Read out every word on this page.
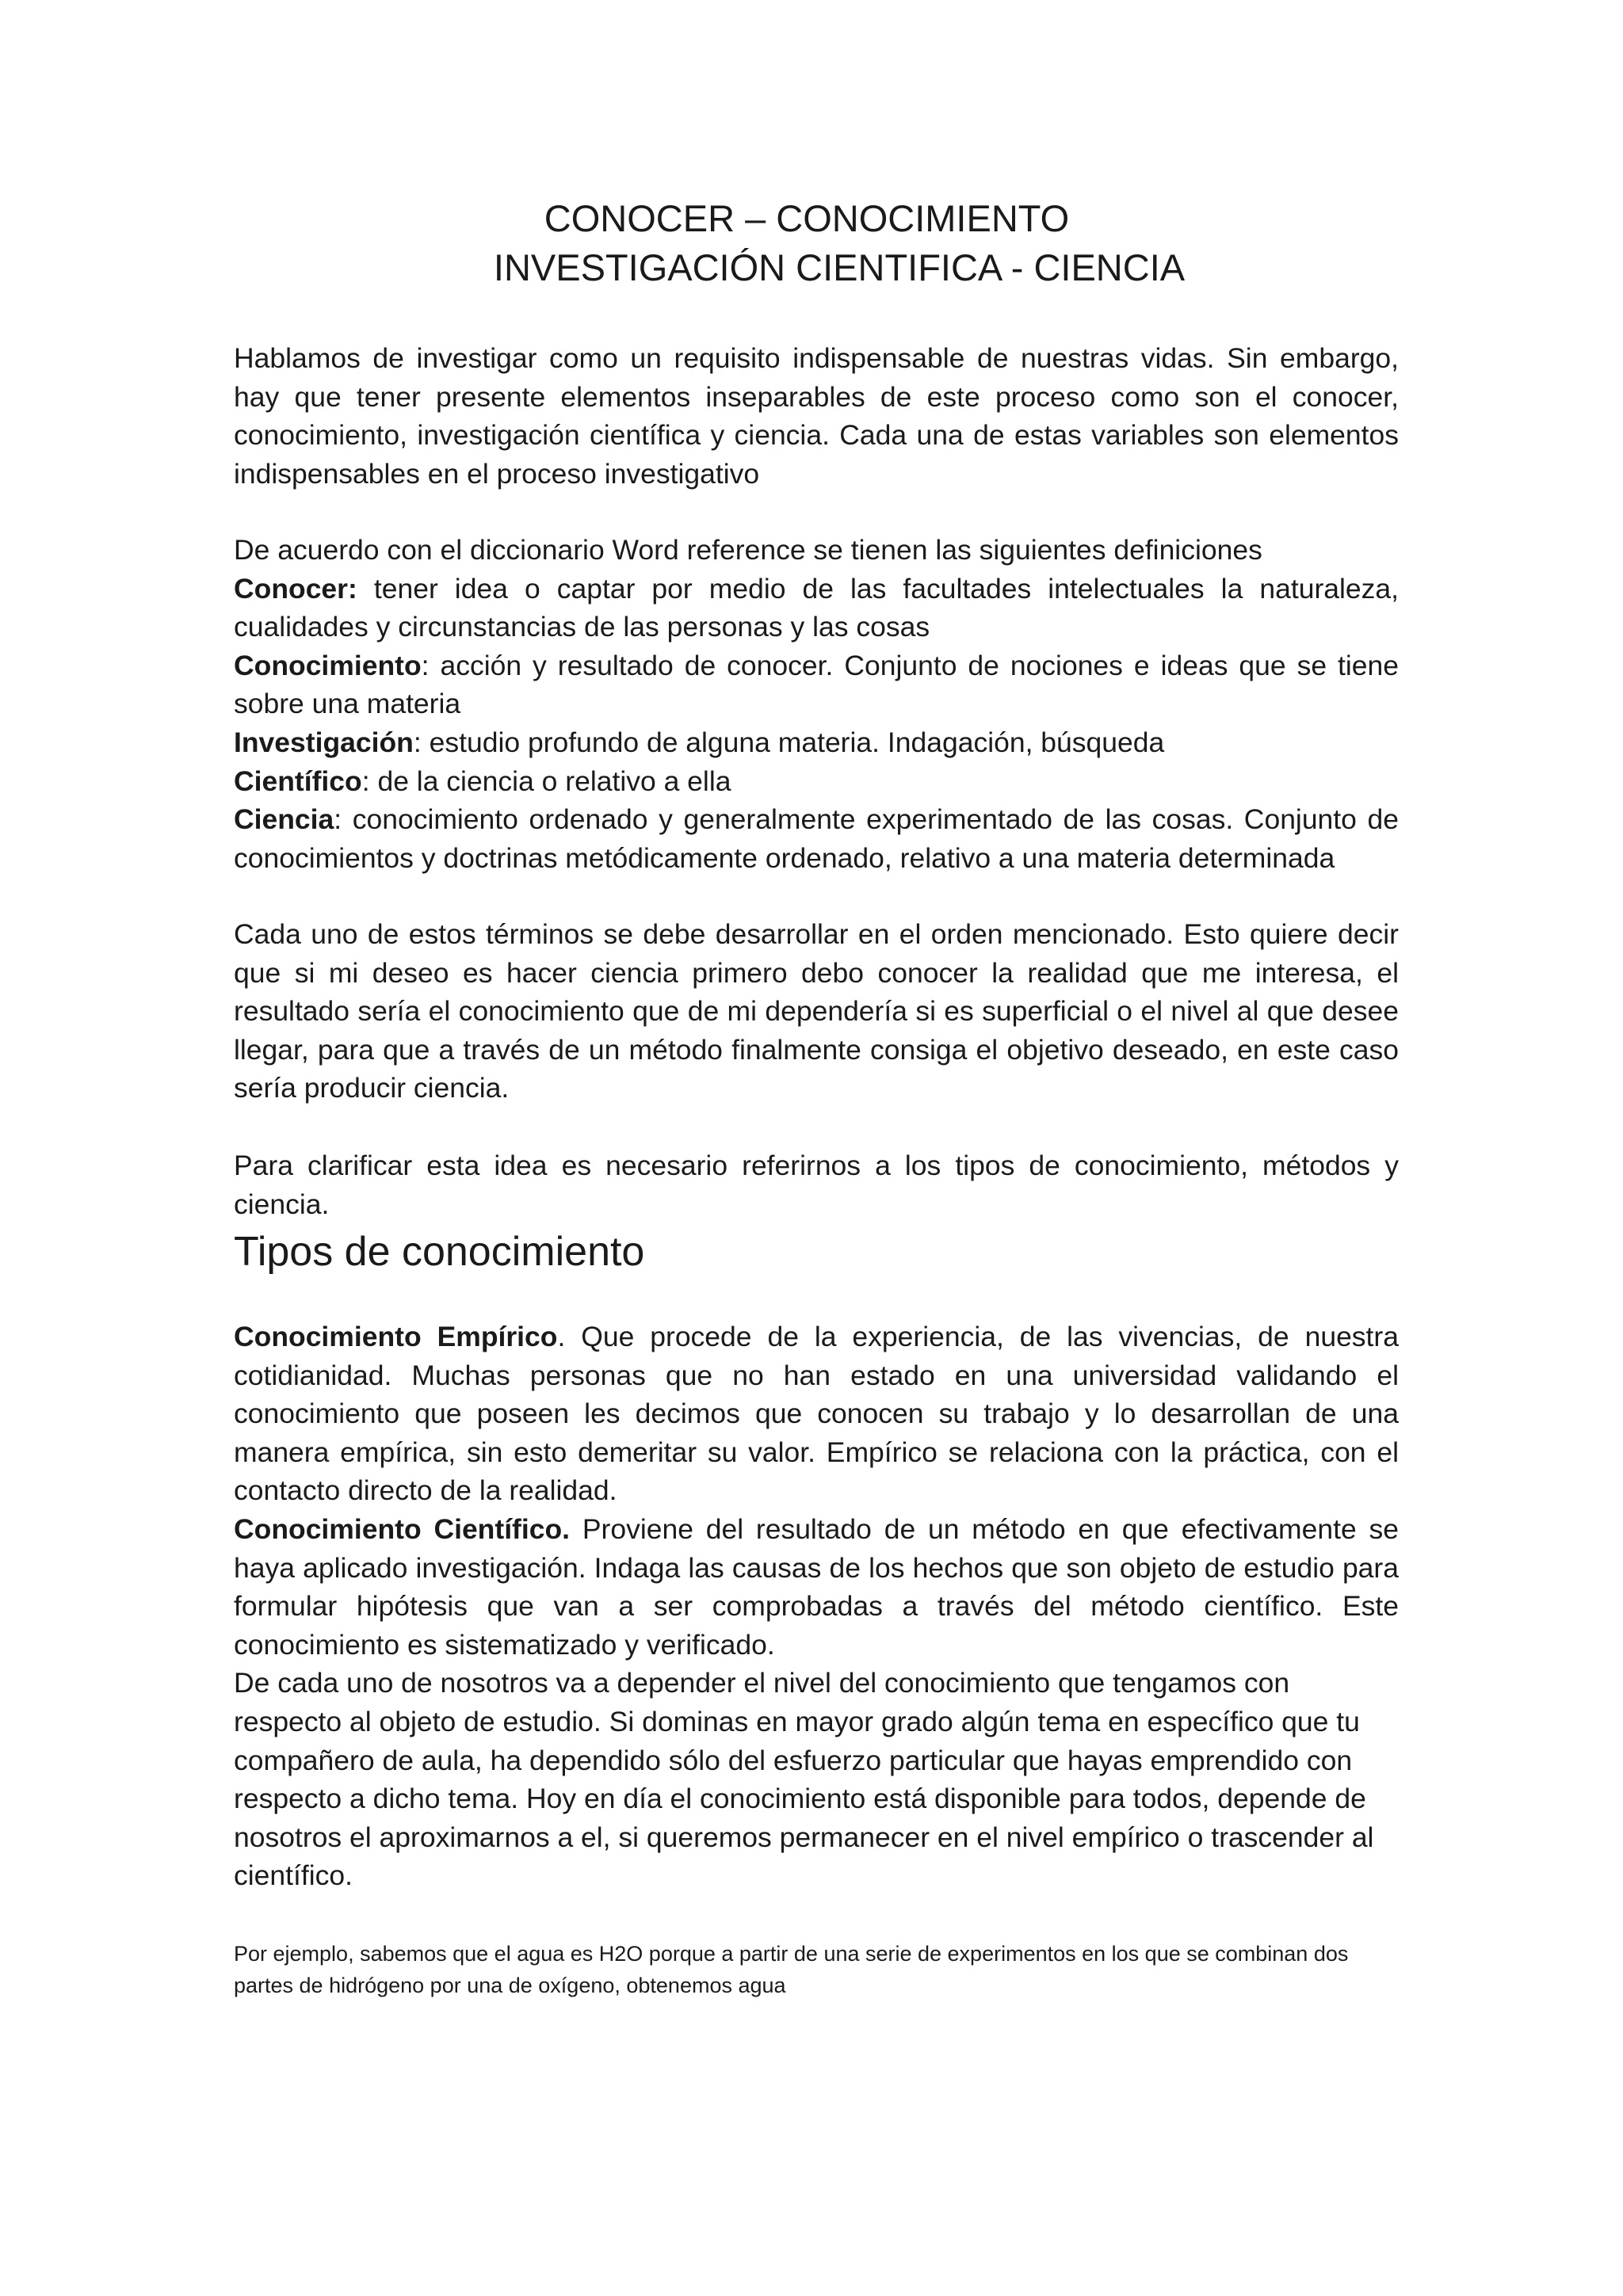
CONOCER – CONOCIMIENTO
INVESTIGACIÓN CIENTIFICA - CIENCIA

Hablamos de investigar como un requisito indispensable de nuestras vidas. Sin embargo, hay que tener presente elementos inseparables de este proceso como son el conocer, conocimiento, investigación científica y ciencia. Cada una de estas variables son elementos indispensables en el proceso investigativo

De acuerdo con el diccionario Word reference se tienen las siguientes definiciones

Conocer: tener idea o captar por medio de las facultades intelectuales la naturaleza, cualidades y circunstancias de las personas y las cosas

Conocimiento: acción y resultado de conocer. Conjunto de nociones e ideas que se tiene sobre una materia

Investigación: estudio profundo de alguna materia. Indagación, búsqueda

Científico: de la ciencia o relativo a ella

Ciencia: conocimiento ordenado y generalmente experimentado de las cosas. Conjunto de conocimientos y doctrinas metódicamente ordenado, relativo a una materia determinada

Cada uno de estos términos se debe desarrollar en el orden mencionado. Esto quiere decir que si mi deseo es hacer ciencia primero debo conocer la realidad que me interesa, el resultado sería el conocimiento que de mi dependería si es superficial o el nivel al que desee llegar, para que a través de un método finalmente consiga el objetivo deseado, en este caso sería producir ciencia.

Para clarificar esta idea es necesario referirnos a los tipos de conocimiento, métodos y ciencia.

Tipos de conocimiento

Conocimiento Empírico. Que procede de la experiencia, de las vivencias, de nuestra cotidianidad. Muchas personas que no han estado en una universidad validando el conocimiento que poseen les decimos que conocen su trabajo y lo desarrollan de una manera empírica, sin esto demeritar su valor. Empírico se relaciona con la práctica, con el contacto directo de la realidad.

Conocimiento Científico. Proviene del resultado de un método en que efectivamente se haya aplicado investigación. Indaga las causas de los hechos que son objeto de estudio para formular hipótesis que van a ser comprobadas a través del método científico. Este conocimiento es sistematizado y verificado.

De cada uno de nosotros va a depender el nivel del conocimiento que tengamos con respecto al objeto de estudio. Si dominas en mayor grado algún tema en específico que tu compañero de aula, ha dependido sólo del esfuerzo particular que hayas emprendido con respecto a dicho tema. Hoy en día el conocimiento está disponible para todos, depende de nosotros el aproximarnos a el, si queremos permanecer en el nivel empírico o trascender al científico.

Por ejemplo, sabemos que el agua es H2O porque a partir de una serie de experimentos en los que se combinan dos partes de hidrógeno por una de oxígeno, obtenemos agua
